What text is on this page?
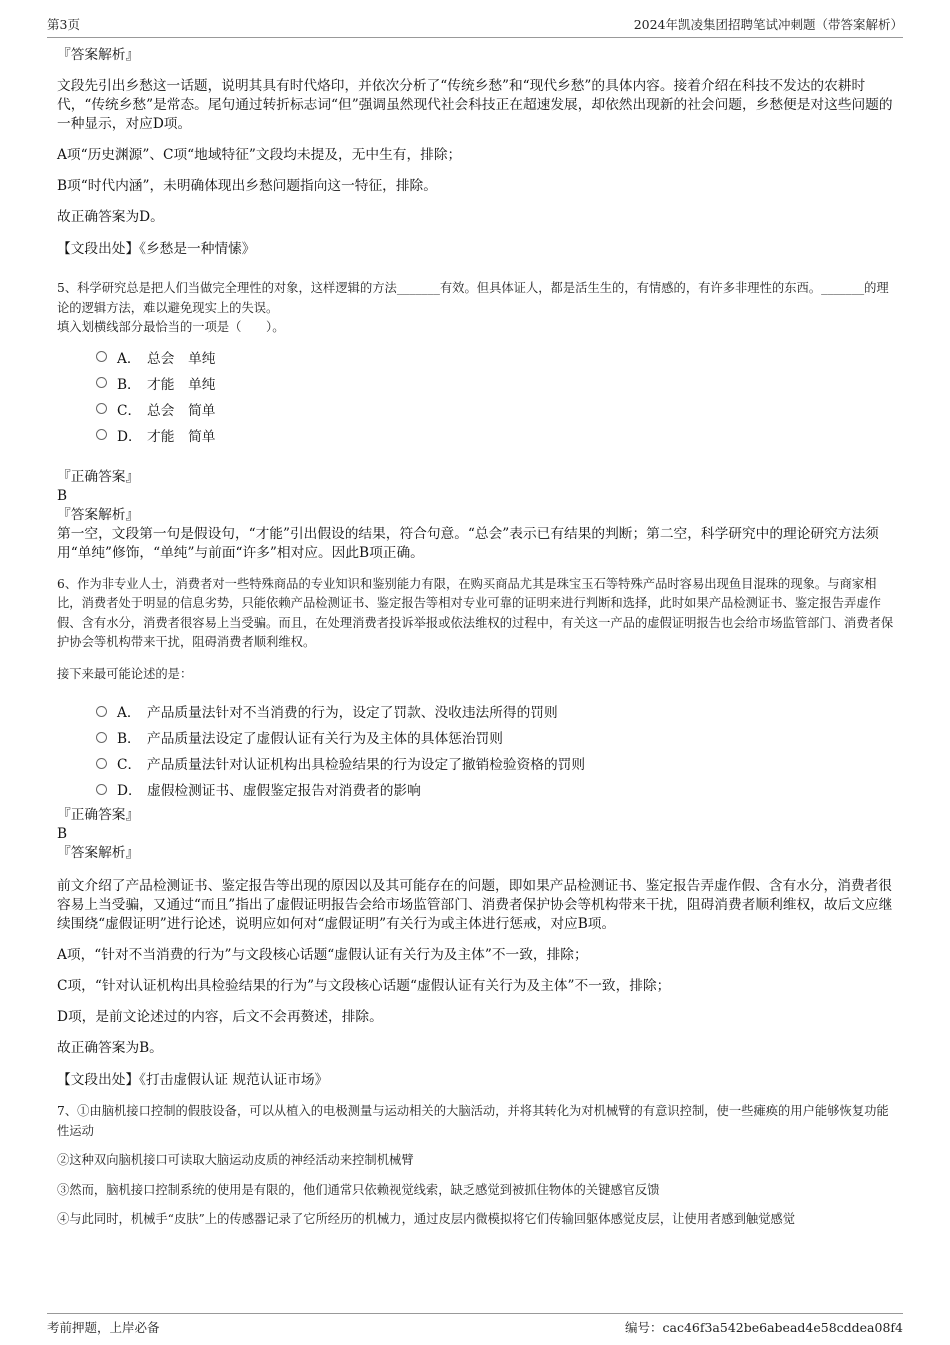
第3页	2024年凯凌集团招聘笔试冲刺题（带答案解析）

『答案解析』

文段先引出乡愁这一话题，说明其具有时代烙印，并依次分析了“传统乡愁”和“现代乡愁”的具体内容。接着介绍在科技不发达的农耕时代，“传统乡愁”是常态。尾句通过转折标志词“但”强调虽然现代社会科技正在超速发展，却依然出现新的社会问题，乡愁便是对这些问题的一种显示，对应D项。

A项“历史渊源”、C项“地域特征”文段均未提及，无中生有，排除；

B项“时代内涵”，未明确体现出乡愁问题指向这一特征，排除。

故正确答案为D。

【文段出处】《乡愁是一种情愫》

5、科学研究总是把人们当做完全理性的对象，这样逻辑的方法_______有效。但具体证人，都是活生生的，有情感的，有许多非理性的东西。_______的理论的逻辑方法，难以避免现实上的失误。

填入划横线部分最恰当的一项是（　　）。

A． 总会　单纯
B． 才能　单纯
C． 总会　简单
D． 才能　简单

『正确答案』

B

『答案解析』

第一空，文段第一句是假设句，“才能”引出假设的结果，符合句意。“总会”表示已有结果的判断；第二空，科学研究中的理论研究方法须用“单纯”修饰，“单纯”与前面“许多”相对应。因此B项正确。

6、作为非专业人士，消费者对一些特殊商品的专业知识和鉴别能力有限，在购买商品尤其是珠宝玉石等特殊产品时容易出现鱼目混珠的现象。与商家相比，消费者处于明显的信息劣势，只能依赖产品检测证书、鉴定报告等相对专业可靠的证明来进行判断和选择，此时如果产品检测证书、鉴定报告弄虚作假、含有水分，消费者很容易上当受骗。而且，在处理消费者投诉举报或依法维权的过程中，有关这一产品的虚假证明报告也会给市场监管部门、消费者保护协会等机构带来干扰，阻碍消费者顺利维权。

接下来最可能论述的是：

A． 产品质量法针对不当消费的行为，设定了罚款、没收违法所得的罚则
B． 产品质量法设定了虚假认证有关行为及主体的具体惩治罚则
C． 产品质量法针对认证机构出具检验结果的行为设定了撤销检验资格的罚则
D． 虚假检测证书、虚假鉴定报告对消费者的影响

『正确答案』

B

『答案解析』

前文介绍了产品检测证书、鉴定报告等出现的原因以及其可能存在的问题，即如果产品检测证书、鉴定报告弄虚作假、含有水分，消费者很容易上当受骗，又通过“而且”指出了虚假证明报告会给市场监管部门、消费者保护协会等机构带来干扰，阻碍消费者顺利维权，故后文应继续围绕“虚假证明”进行论述，说明应如何对“虚假证明”有关行为或主体进行惩戒，对应B项。

A项，“针对不当消费的行为”与文段核心话题“虚假认证有关行为及主体”不一致，排除；

C项，“针对认证机构出具检验结果的行为”与文段核心话题“虚假认证有关行为及主体”不一致，排除；

D项，是前文论述过的内容，后文不会再赘述，排除。

故正确答案为B。

【文段出处】《打击虚假认证 规范认证市场》

7、①由脑机接口控制的假肢设备，可以从植入的电极测量与运动相关的大脑活动，并将其转化为对机械臂的有意识控制，使一些瘫痪的用户能够恢复功能性运动

②这种双向脑机接口可读取大脑运动皮质的神经活动来控制机械臂

③然而，脑机接口控制系统的使用是有限的，他们通常只依赖视觉线索，缺乏感觉到被抓住物体的关键感官反馈

④与此同时，机械手“皮肤”上的传感器记录了它所经历的机械力，通过皮层内微模拟将它们传输回躯体感觉皮层，让使用者感到触觉感觉

考前押题，上岸必备	编号：cac46f3a542be6abead4e58cddea08f4
